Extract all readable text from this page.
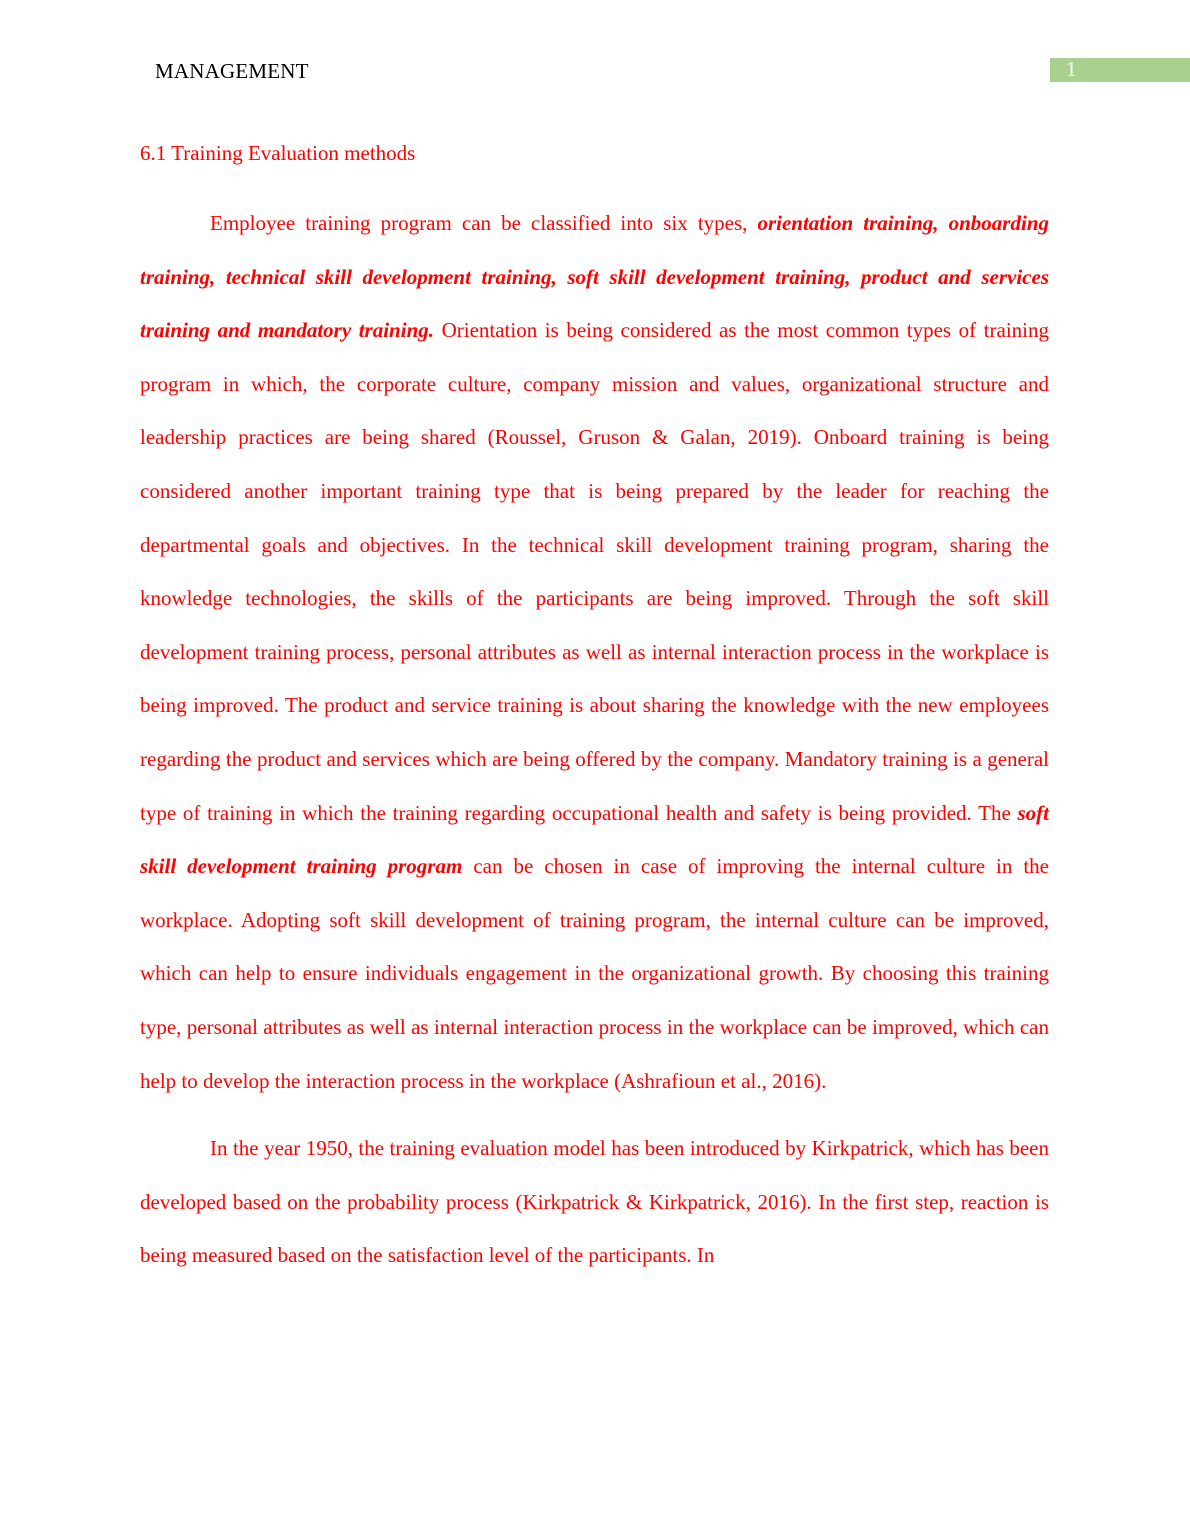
MANAGEMENT	1
6.1 Training Evaluation methods

Employee training program can be classified into six types, orientation training, onboarding training, technical skill development training, soft skill development training, product and services training and mandatory training. Orientation is being considered as the most common types of training program in which, the corporate culture, company mission and values, organizational structure and leadership practices are being shared (Roussel, Gruson & Galan, 2019). Onboard training is being considered another important training type that is being prepared by the leader for reaching the departmental goals and objectives. In the technical skill development training program, sharing the knowledge technologies, the skills of the participants are being improved. Through the soft skill development training process, personal attributes as well as internal interaction process in the workplace is being improved. The product and service training is about sharing the knowledge with the new employees regarding the product and services which are being offered by the company. Mandatory training is a general type of training in which the training regarding occupational health and safety is being provided. The soft skill development training program can be chosen in case of improving the internal culture in the workplace. Adopting soft skill development of training program, the internal culture can be improved, which can help to ensure individuals engagement in the organizational growth. By choosing this training type, personal attributes as well as internal interaction process in the workplace can be improved, which can help to develop the interaction process in the workplace (Ashrafioun et al., 2016).

In the year 1950, the training evaluation model has been introduced by Kirkpatrick, which has been developed based on the probability process (Kirkpatrick & Kirkpatrick, 2016). In the first step, reaction is being measured based on the satisfaction level of the participants. In
